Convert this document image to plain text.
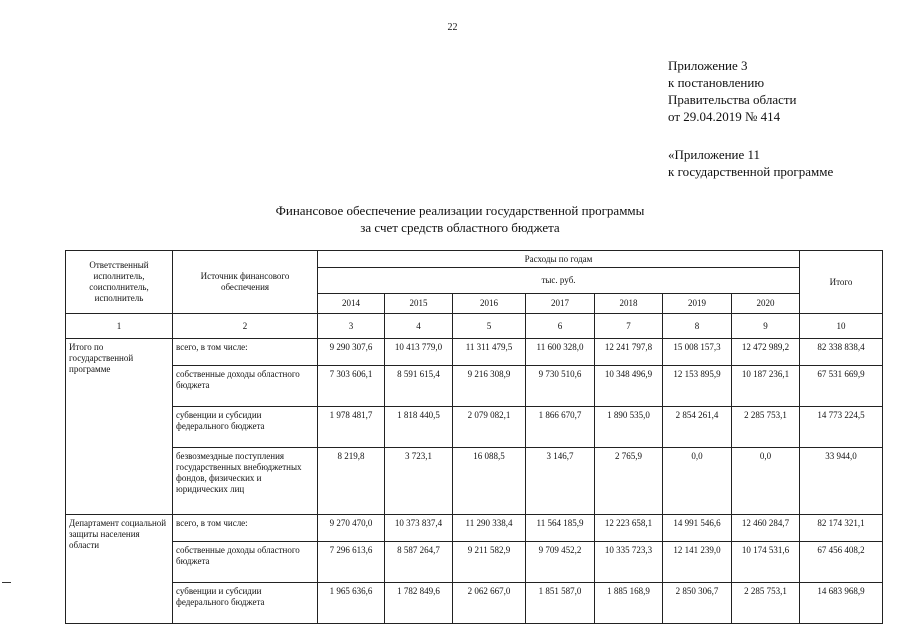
22
Приложение 3
к постановлению
Правительства области
от 29.04.2019 № 414
«Приложение 11
к государственной программе
Финансовое обеспечение реализации государственной программы
за счет средств областного бюджета
Ответственный исполнитель, соисполнитель, исполнитель	Источник финансового обеспечения	Расходы по годам							Итого
		тыс. руб.							
		2014	2015	2016	2017	2018	2019	2020	
1	2	3	4	5	6	7	8	9	10
Итого по государственной программе	всего, в том числе:	9 290 307,6	10 413 779,0	11 311 479,5	11 600 328,0	12 241 797,8	15 008 157,3	12 472 989,2	82 338 838,4
	собственные доходы областного бюджета	7 303 606,1	8 591 615,4	9 216 308,9	9 730 510,6	10 348 496,9	12 153 895,9	10 187 236,1	67 531 669,9
	субвенции и субсидии федерального бюджета	1 978 481,7	1 818 440,5	2 079 082,1	1 866 670,7	1 890 535,0	2 854 261,4	2 285 753,1	14 773 224,5
	безвозмездные поступления государственных внебюджетных фондов, физических и юридических лиц	8 219,8	3 723,1	16 088,5	3 146,7	2 765,9	0,0	0,0	33 944,0
Департамент социальной защиты населения области	всего, в том числе:	9 270 470,0	10 373 837,4	11 290 338,4	11 564 185,9	12 223 658,1	14 991 546,6	12 460 284,7	82 174 321,1
	собственные доходы областного бюджета	7 296 613,6	8 587 264,7	9 211 582,9	9 709 452,2	10 335 723,3	12 141 239,0	10 174 531,6	67 456 408,2
	субвенции и субсидии федерального бюджета	1 965 636,6	1 782 849,6	2 062 667,0	1 851 587,0	1 885 168,9	2 850 306,7	2 285 753,1	14 683 968,9
